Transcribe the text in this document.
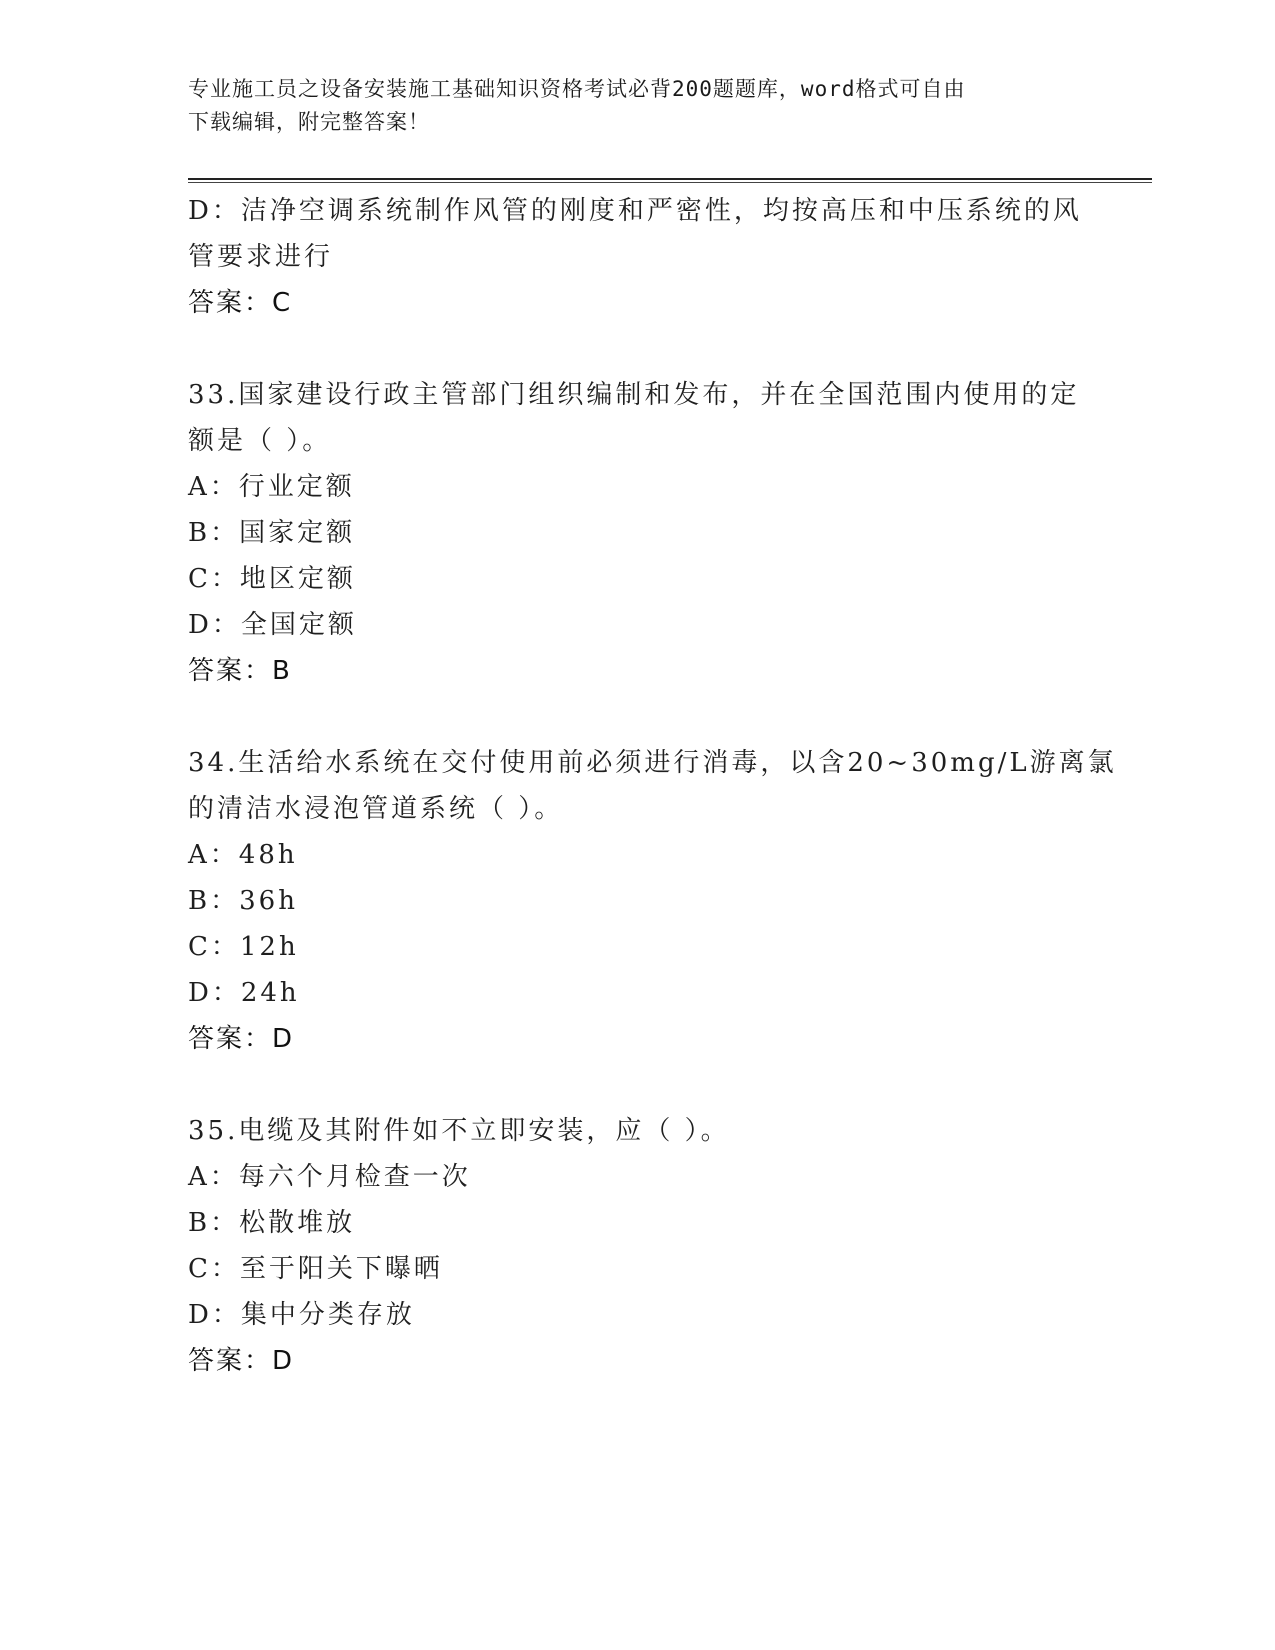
专业施工员之设备安装施工基础知识资格考试必背200题题库，word格式可自由
下载编辑，附完整答案！
D：洁净空调系统制作风管的刚度和严密性，均按高压和中压系统的风
管要求进行
答案：C
33.国家建设行政主管部门组织编制和发布，并在全国范围内使用的定
额是（ ）。
A：行业定额
B：国家定额
C：地区定额
D：全国定额
答案：B
34.生活给水系统在交付使用前必须进行消毒，以含20~30mg/L游离氯
的清洁水浸泡管道系统（ ）。
A：48h
B：36h
C：12h
D：24h
答案：D
35.电缆及其附件如不立即安装，应（ ）。
A：每六个月检查一次
B：松散堆放
C：至于阳关下曝晒
D：集中分类存放
答案：D
